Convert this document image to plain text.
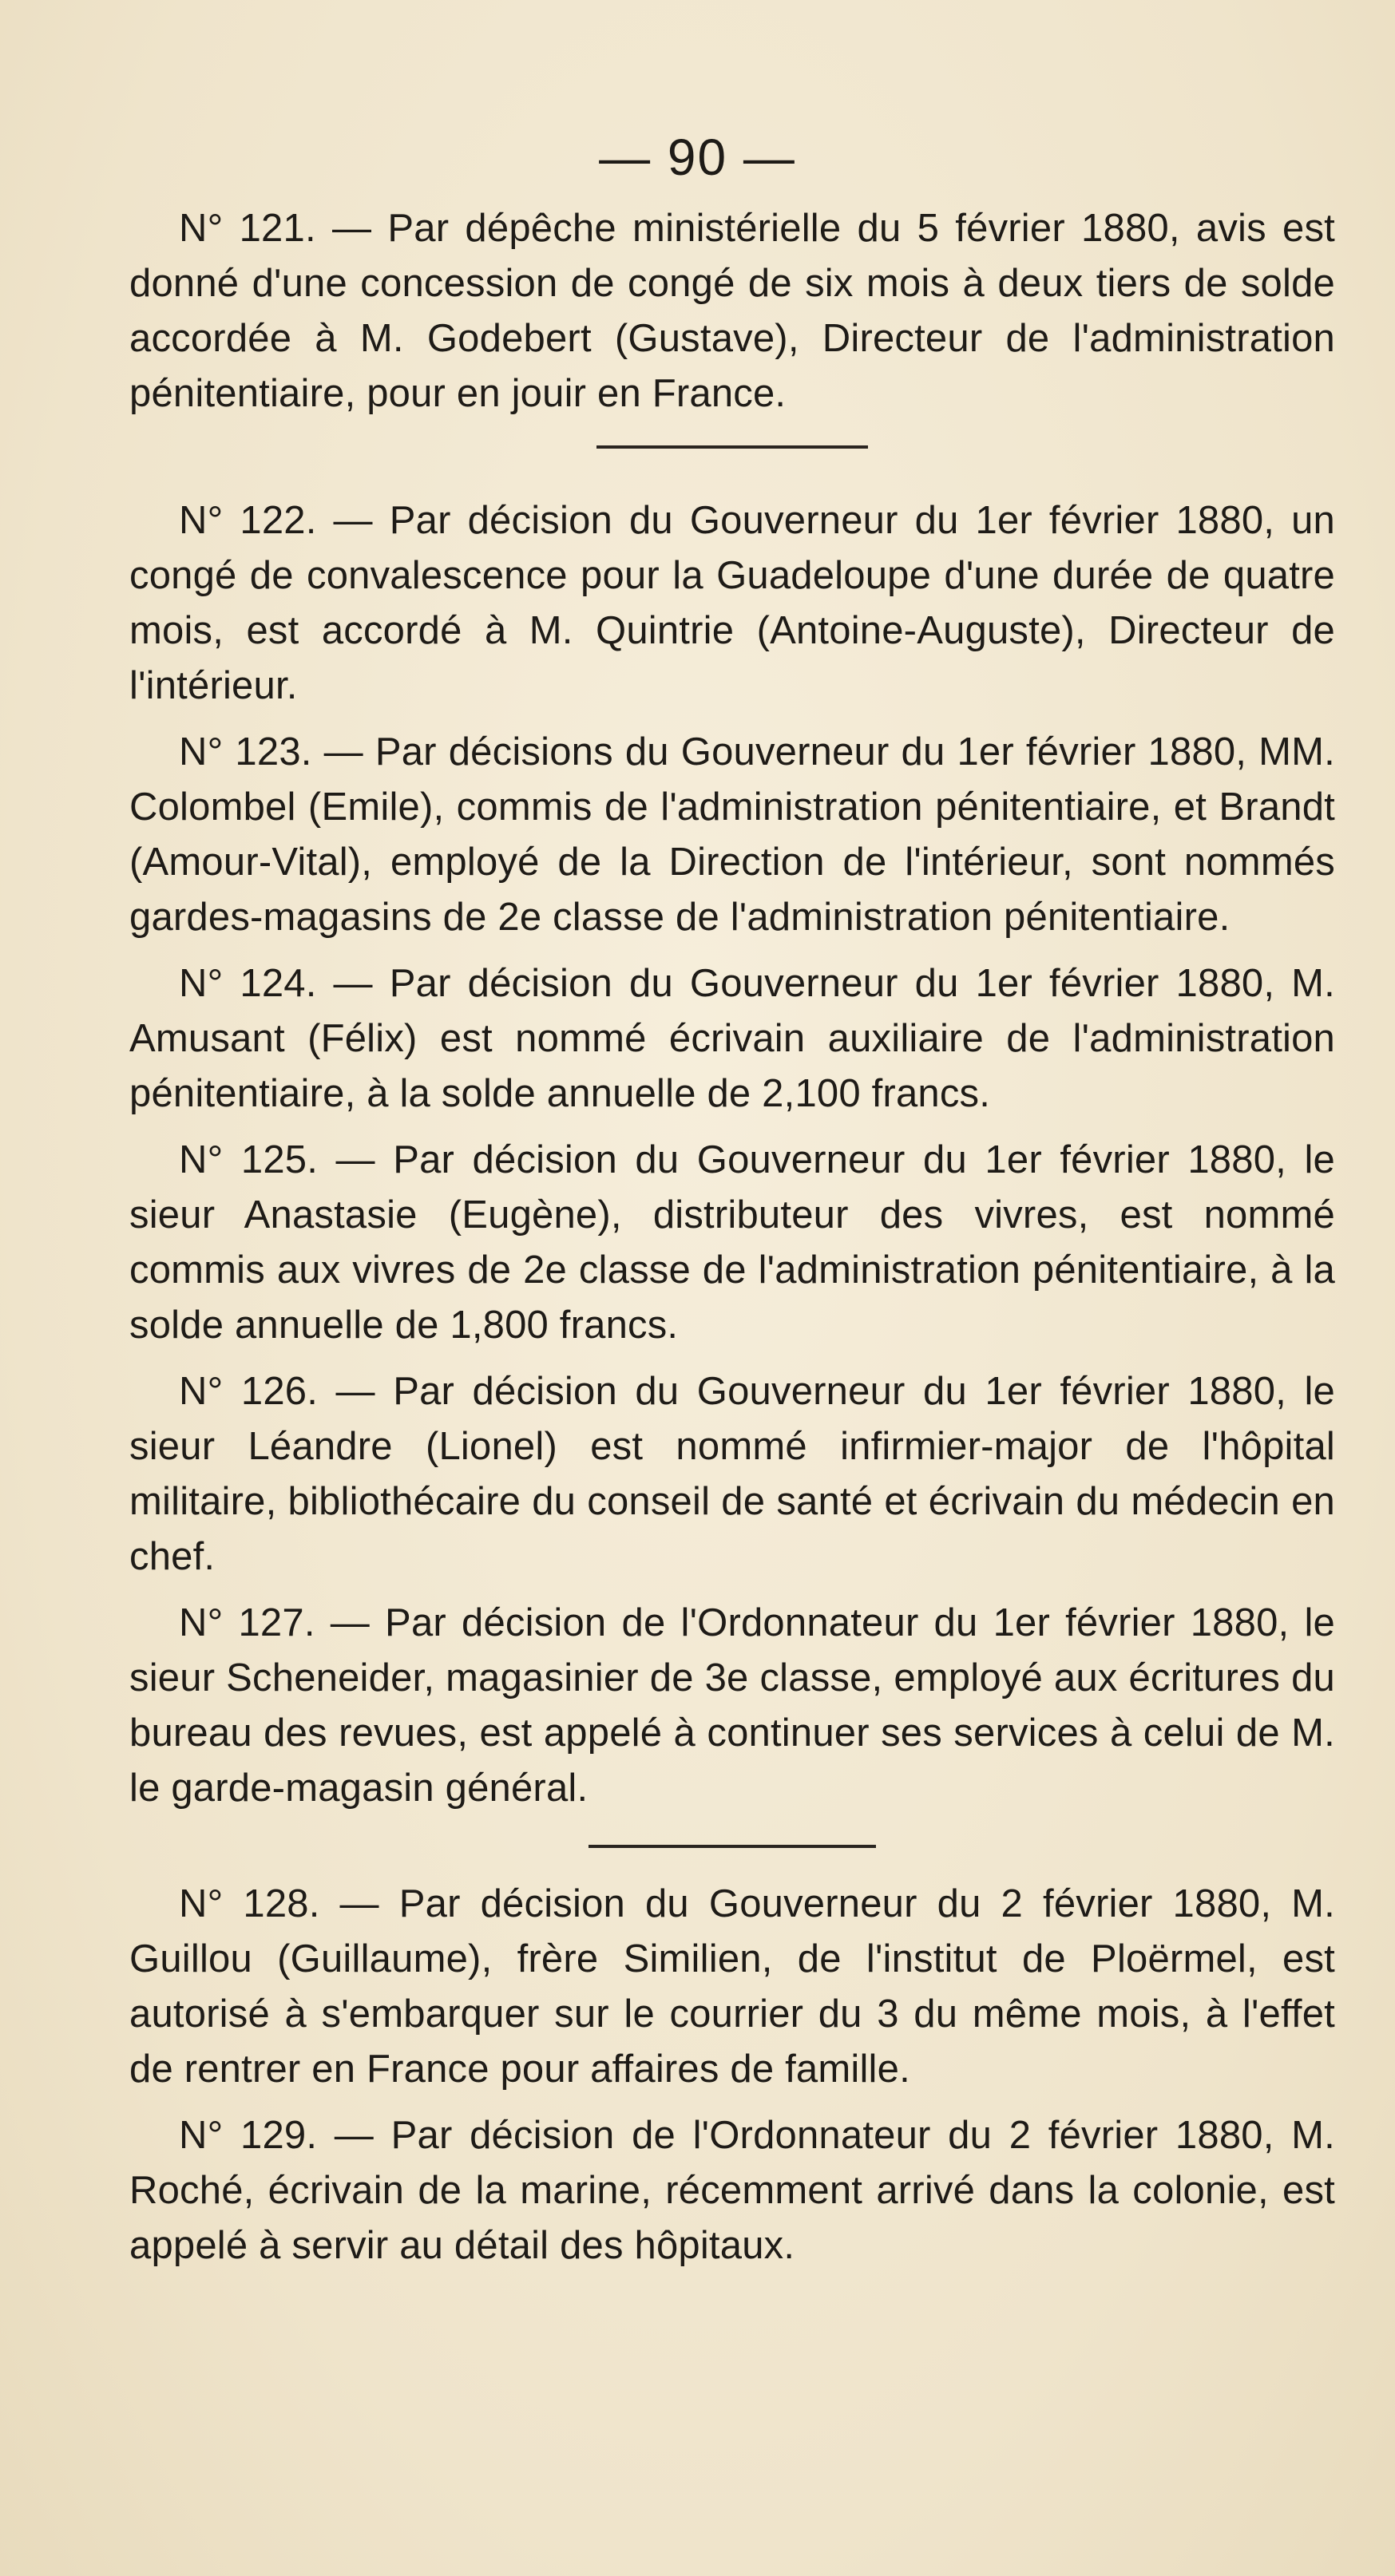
— 90 —

N° 121. — Par dépêche ministérielle du 5 février 1880, avis est donné d'une concession de congé de six mois à deux tiers de solde accordée à M. Godebert (Gustave), Directeur de l'administration pénitentiaire, pour en jouir en France.

N° 122. — Par décision du Gouverneur du 1er février 1880, un congé de convalescence pour la Guadeloupe d'une durée de quatre mois, est accordé à M. Quintrie (Antoine-Auguste), Directeur de l'intérieur.

N° 123. — Par décisions du Gouverneur du 1er février 1880, MM. Colombel (Emile), commis de l'administration pénitentiaire, et Brandt (Amour-Vital), employé de la Direction de l'intérieur, sont nommés gardes-magasins de 2e classe de l'administration pénitentiaire.

N° 124. — Par décision du Gouverneur du 1er février 1880, M. Amusant (Félix) est nommé écrivain auxiliaire de l'administration pénitentiaire, à la solde annuelle de 2,100 francs.

N° 125. — Par décision du Gouverneur du 1er février 1880, le sieur Anastasie (Eugène), distributeur des vivres, est nommé commis aux vivres de 2e classe de l'administration pénitentiaire, à la solde annuelle de 1,800 francs.

N° 126. — Par décision du Gouverneur du 1er février 1880, le sieur Léandre (Lionel) est nommé infirmier-major de l'hôpital militaire, bibliothécaire du conseil de santé et écrivain du médecin en chef.

N° 127. — Par décision de l'Ordonnateur du 1er février 1880, le sieur Scheneider, magasinier de 3e classe, employé aux écritures du bureau des revues, est appelé à continuer ses services à celui de M. le garde-magasin général.

N° 128. — Par décision du Gouverneur du 2 février 1880, M. Guillou (Guillaume), frère Similien, de l'institut de Ploërmel, est autorisé à s'embarquer sur le courrier du 3 du même mois, à l'effet de rentrer en France pour affaires de famille.

N° 129. — Par décision de l'Ordonnateur du 2 février 1880, M. Roché, écrivain de la marine, récemment arrivé dans la colonie, est appelé à servir au détail des hôpitaux.
